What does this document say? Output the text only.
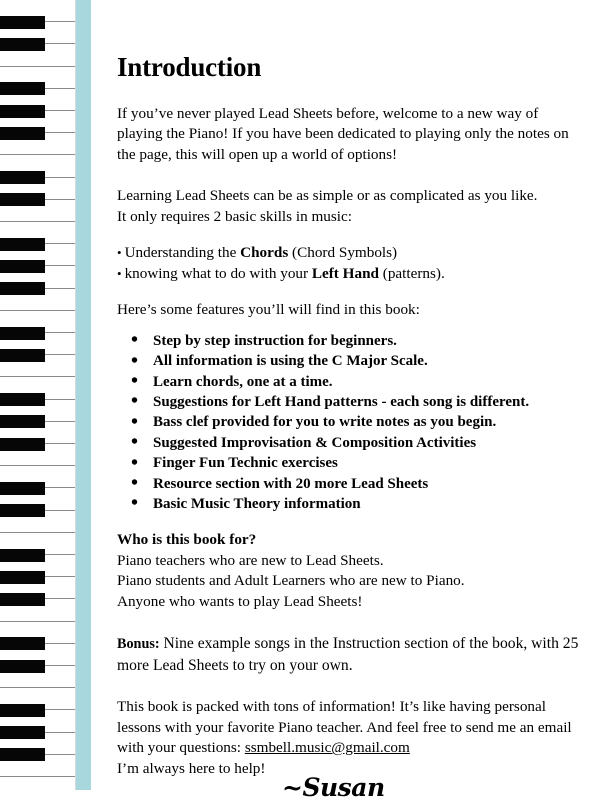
Introduction

If you’ve never played Lead Sheets before, welcome to a new way of playing the Piano! If you have been dedicated to playing only the notes on the page, this will open up a world of options!

Learning Lead Sheets can be as simple or as complicated as you like.

It only requires 2 basic skills in music:

• Understanding the Chords (Chord Symbols)

• knowing what to do with your Left Hand (patterns).

Here’s some features you’ll will find in this book:

• Step by step instruction for beginners.
• All information is using the C Major Scale.
• Learn chords, one at a time.
• Suggestions for Left Hand patterns - each song is different.
• Bass clef provided for you to write notes as you begin.
• Suggested Improvisation & Composition Activities
• Finger Fun Technic exercises
• Resource section with 20 more Lead Sheets
• Basic Music Theory information
Who is this book for?

Piano teachers who are new to Lead Sheets.

Piano students and Adult Learners who are new to Piano.

Anyone who wants to play Lead Sheets!

Bonus: Nine example songs in the Instruction section of the book, with 25 more Lead Sheets to try on your own.

This book is packed with tons of information! It’s like having personal lessons with your favorite Piano teacher. And feel free to send me an email with your questions: ssmbell.music@gmail.com
I’m always here to help!

~Susan
